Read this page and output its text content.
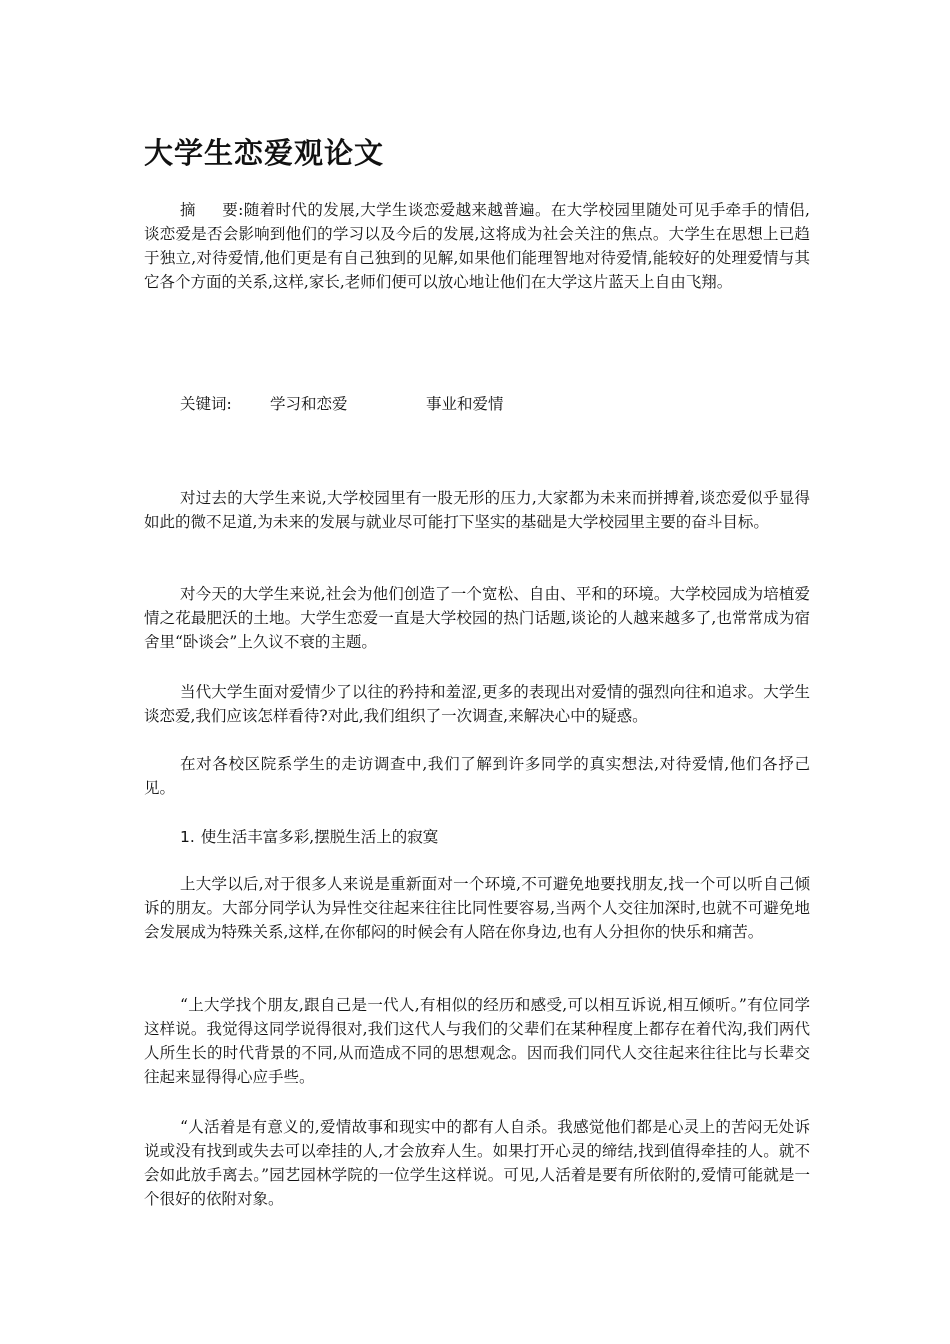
大学生恋爱观论文

摘 要:随着时代的发展,大学生谈恋爱越来越普遍。在大学校园里随处可见手牵手的情侣,谈恋爱是否会影响到他们的学习以及今后的发展,这将成为社会关注的焦点。大学生在思想上已趋于独立,对待爱情,他们更是有自己独到的见解,如果他们能理智地对待爱情,能较好的处理爱情与其它各个方面的关系,这样,家长,老师们便可以放心地让他们在大学这片蓝天上自由飞翔。

关键词: 学习和恋爱	事业和爱情

对过去的大学生来说,大学校园里有一股无形的压力,大家都为未来而拼搏着,谈恋爱似乎显得如此的微不足道,为未来的发展与就业尽可能打下坚实的基础是大学校园里主要的奋斗目标。

对今天的大学生来说,社会为他们创造了一个宽松、自由、平和的环境。大学校园成为培植爱情之花最肥沃的土地。大学生恋爱一直是大学校园的热门话题,谈论的人越来越多了,也常常成为宿舍里“卧谈会”上久议不衰的主题。

当代大学生面对爱情少了以往的矜持和羞涩,更多的表现出对爱情的强烈向往和追求。大学生谈恋爱,我们应该怎样看待?对此,我们组织了一次调查,来解决心中的疑惑。

在对各校区院系学生的走访调查中,我们了解到许多同学的真实想法,对待爱情,他们各抒己见。

1. 使生活丰富多彩,摆脱生活上的寂寞

上大学以后,对于很多人来说是重新面对一个环境,不可避免地要找朋友,找一个可以听自己倾诉的朋友。大部分同学认为异性交往起来往往比同性要容易,当两个人交往加深时,也就不可避免地会发展成为特殊关系,这样,在你郁闷的时候会有人陪在你身边,也有人分担你的快乐和痛苦。

“上大学找个朋友,跟自己是一代人,有相似的经历和感受,可以相互诉说,相互倾听。”有位同学这样说。我觉得这同学说得很对,我们这代人与我们的父辈们在某种程度上都存在着代沟,我们两代人所生长的时代背景的不同,从而造成不同的思想观念。因而我们同代人交往起来往往比与长辈交往起来显得得心应手些。

“人活着是有意义的,爱情故事和现实中的都有人自杀。我感觉他们都是心灵上的苦闷无处诉说或没有找到或失去可以牵挂的人,才会放弃人生。如果打开心灵的缔结,找到值得牵挂的人。就不会如此放手离去。”园艺园林学院的一位学生这样说。可见,人活着是要有所依附的,爱情可能就是一个很好的依附对象。
